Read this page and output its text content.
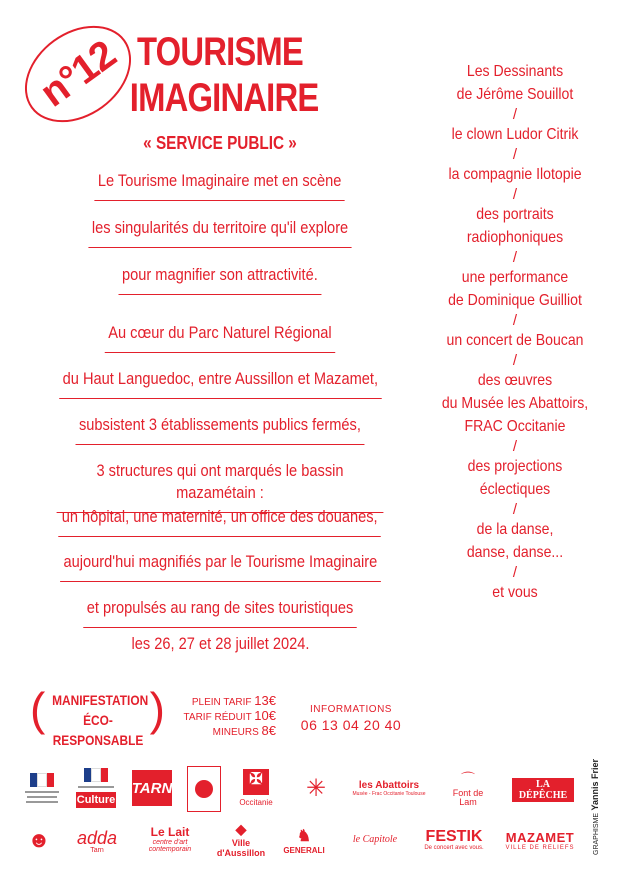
n°12 TOURISME
IMAGINAIRE
« SERVICE PUBLIC »
Le Tourisme Imaginaire met en scène
les singularités du territoire qu'il explore
pour magnifier son attractivité.
Au cœur du Parc Naturel Régional
du Haut Languedoc, entre Aussillon et Mazamet,
subsistent 3 établissements publics fermés,
3 structures qui ont marqués le bassin mazamétain :
un hôpital, une maternité, un office des douanes,
aujourd'hui magnifiés par le Tourisme Imaginaire
et propulsés au rang de sites touristiques
les 26, 27 et 28 juillet 2024.
Les Dessinants
de Jérôme Souillot
/
le clown Ludor Citrik
/
la compagnie Ilotopie
/
des portraits
radiophoniques
/
une performance
de Dominique Guilliot
/
un concert de Boucan
/
des œuvres
du Musée les Abattoirs,
FRAC Occitanie
/
des projections
éclectiques
/
de la danse,
danse, danse...
/
et vous
( MANIFESTATION
ÉCO-RESPONSABLE
)	PLEIN TARIF 13€
TARIF RÉDUIT 10€
MINEURS 8€
INFORMATIONS
06 13 04 20 40
GRAPHISME Yannis Frier
Culture
TARN	✠
Occitanie
✳	les Abattoirs
Musée - Frac Occitanie Toulouse
⌒
Font de Lam
LA DÉPÊCHE
☻	adda
Tarn
Le Lait
centre d'art contemporain
◆
Ville d'Aussillon
♞
GENERALI
le Capitole	FESTIK
De concert avec vous.
MAZAMET
VILLE DE RELIEFS
